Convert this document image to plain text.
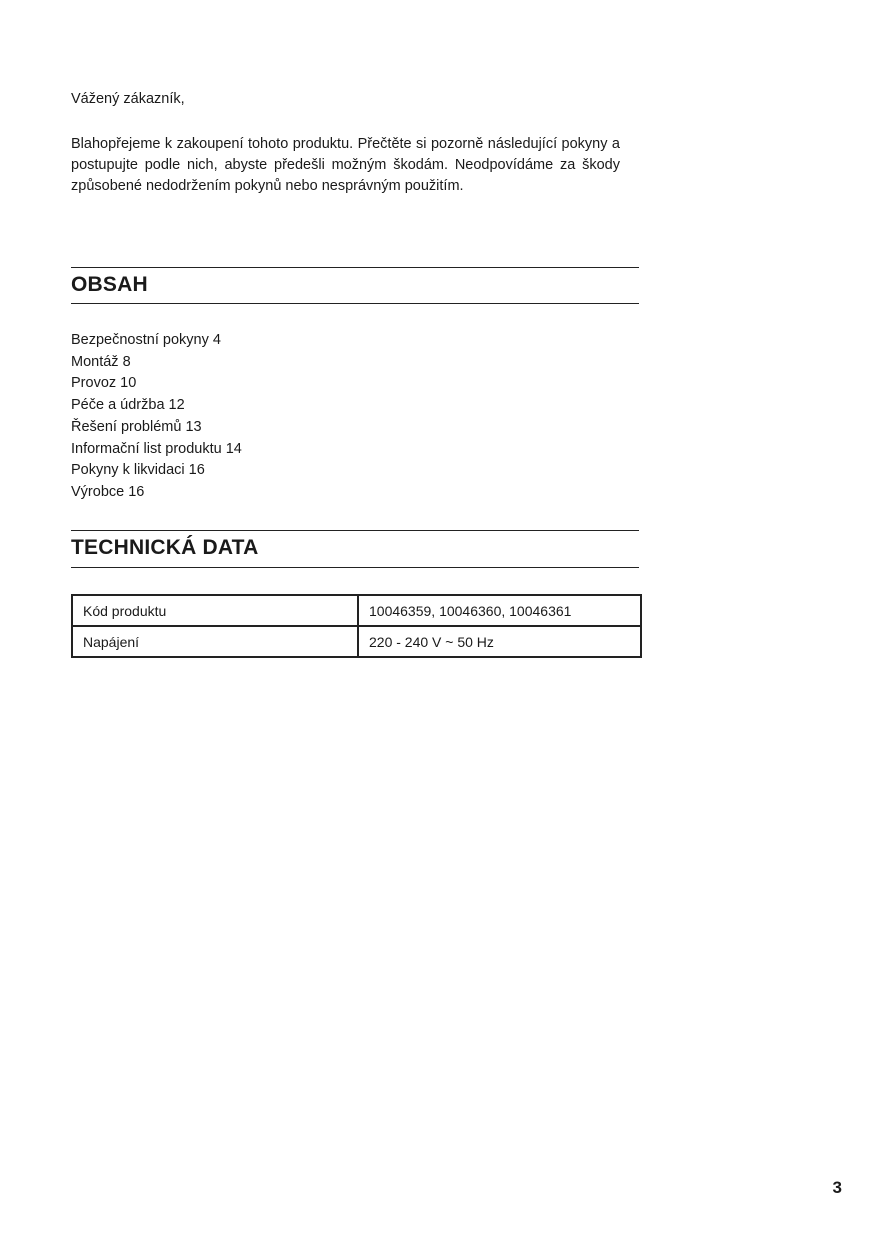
Vážený zákazník,

Blahopřejeme k zakoupení tohoto produktu. Přečtěte si pozorně následující pokyny a postupujte podle nich, abyste předešli možným škodám. Neodpovídáme za škody způsobené nedodržením pokynů nebo nesprávným použitím.

OBSAH
Bezpečnostní pokyny 4
Montáž 8
Provoz 10
Péče a údržba 12
Řešení problémů 13
Informační list produktu 14
Pokyny k likvidaci 16
Výrobce 16
TECHNICKÁ DATA
Kód produktu	10046359, 10046360, 10046361
Napájení	220 - 240 V ~ 50 Hz
3
